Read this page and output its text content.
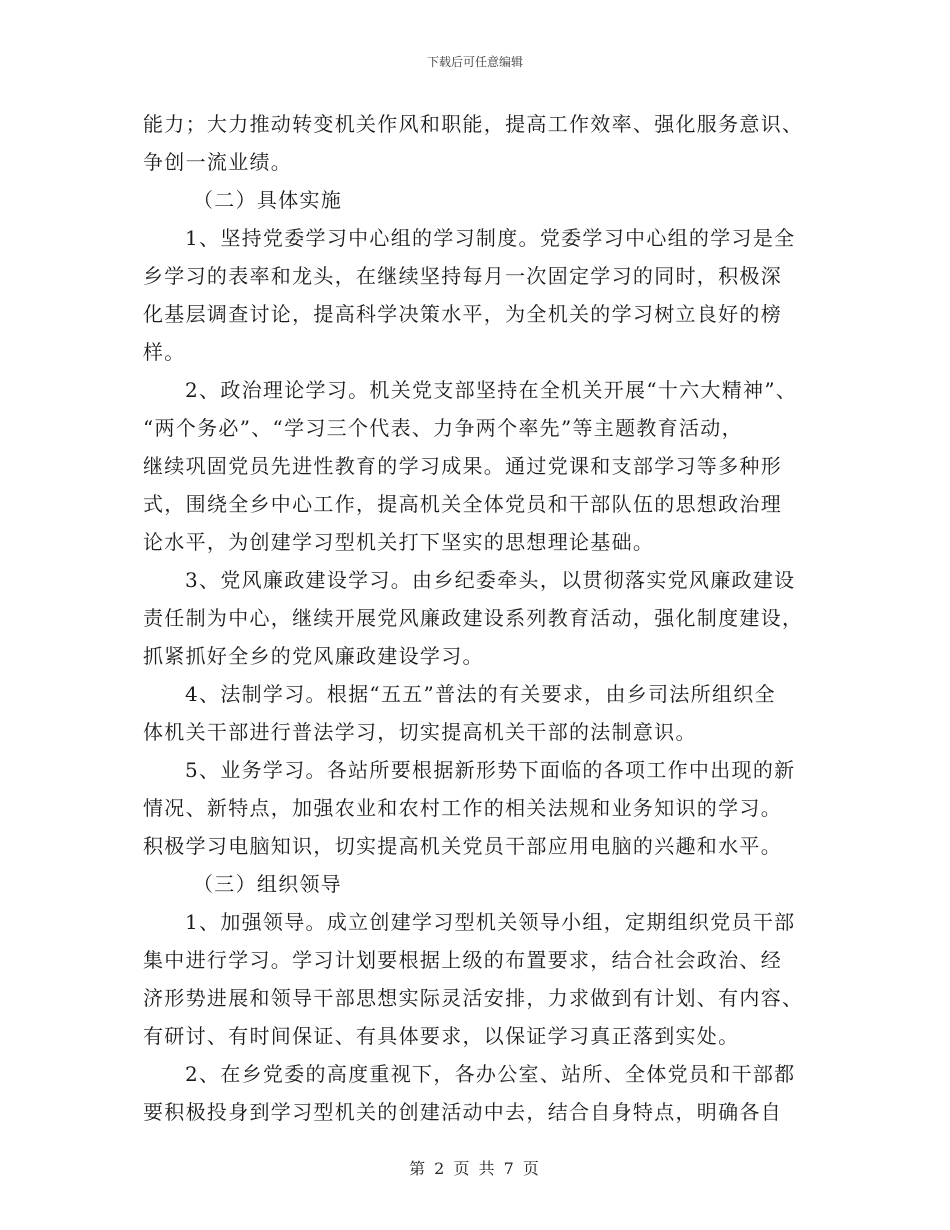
下载后可任意编辑
能力；大力推动转变机关作风和职能，提高工作效率、强化服务意识、
争创一流业绩。
（二）具体实施
1、坚持党委学习中心组的学习制度。党委学习中心组的学习是全
乡学习的表率和龙头，在继续坚持每月一次固定学习的同时，积极深
化基层调查讨论，提高科学决策水平，为全机关的学习树立良好的榜
样。
2、政治理论学习。机关党支部坚持在全机关开展“十六大精神”、
“两个务必”、“学习三个代表、力争两个率先”等主题教育活动，
继续巩固党员先进性教育的学习成果。通过党课和支部学习等多种形
式，围绕全乡中心工作，提高机关全体党员和干部队伍的思想政治理
论水平，为创建学习型机关打下坚实的思想理论基础。
3、党风廉政建设学习。由乡纪委牵头，以贯彻落实党风廉政建设
责任制为中心，继续开展党风廉政建设系列教育活动，强化制度建设，
抓紧抓好全乡的党风廉政建设学习。
4、法制学习。根据“五五”普法的有关要求，由乡司法所组织全
体机关干部进行普法学习，切实提高机关干部的法制意识。
5、业务学习。各站所要根据新形势下面临的各项工作中出现的新
情况、新特点，加强农业和农村工作的相关法规和业务知识的学习。
积极学习电脑知识，切实提高机关党员干部应用电脑的兴趣和水平。
（三）组织领导
1、加强领导。成立创建学习型机关领导小组，定期组织党员干部
集中进行学习。学习计划要根据上级的布置要求，结合社会政治、经
济形势进展和领导干部思想实际灵活安排，力求做到有计划、有内容、
有研讨、有时间保证、有具体要求，以保证学习真正落到实处。
2、在乡党委的高度重视下，各办公室、站所、全体党员和干部都
要积极投身到学习型机关的创建活动中去，结合自身特点，明确各自
第 2 页 共 7 页
